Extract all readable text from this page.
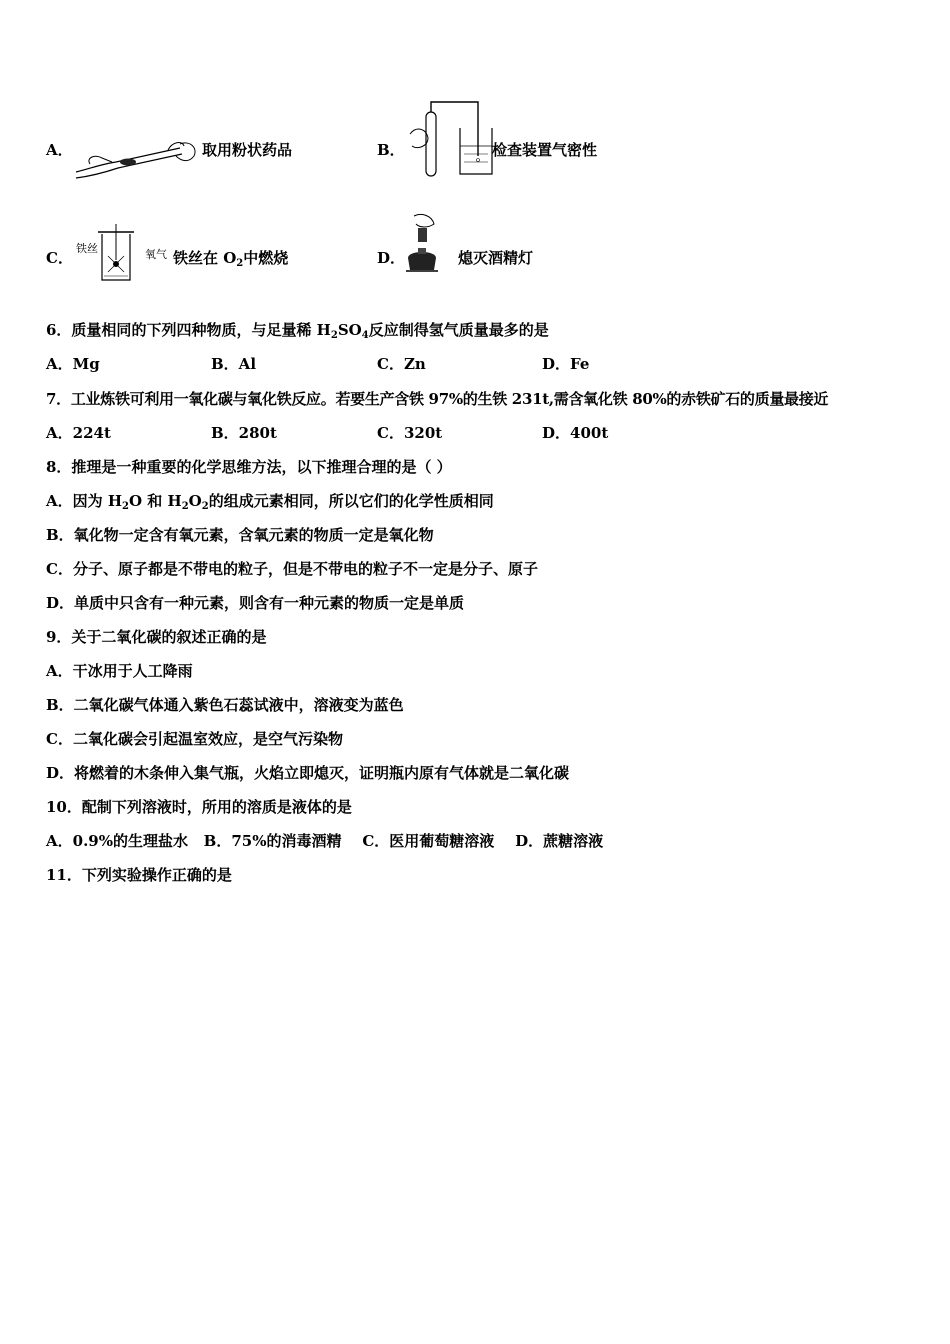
A．	取用粉状药品	B．	检查装置气密性
C．
铁丝	氧气 铁丝在 $O_2$中燃烧	D．	熄灭酒精灯
6．质量相同的下列四种物质，与足量稀 $H_2SO_4$反应制得氢气质量最多的是
A．Mg	B．Al	C．Zn	D．Fe
7．工业炼铁可利用一氧化碳与氧化铁反应。若要生产含铁 97%的生铁 231t,需含氧化铁 80%的赤铁矿石的质量最接近
A．224t	B．280t	C．320t	D．400t
8．推理是一种重要的化学思维方法，以下推理合理的是（ ）
A．因为 $H_2O$ 和 $H_2O_2$的组成元素相同，所以它们的化学性质相同
B．氧化物一定含有氧元素，含氧元素的物质一定是氧化物
C．分子、原子都是不带电的粒子，但是不带电的粒子不一定是分子、原子
D．单质中只含有一种元素，则含有一种元素的物质一定是单质
9．关于二氧化碳的叙述正确的是
A．干冰用于人工降雨
B．二氧化碳气体通入紫色石蕊试液中，溶液变为蓝色
C．二氧化碳会引起温室效应，是空气污染物
D．将燃着的木条伸入集气瓶，火焰立即熄灭，证明瓶内原有气体就是二氧化碳
10．配制下列溶液时，所用的溶质是液体的是
A．0.9%的生理盐水   B．75%的消毒酒精    C．医用葡萄糖溶液    D．蔗糖溶液
11．下列实验操作正确的是
